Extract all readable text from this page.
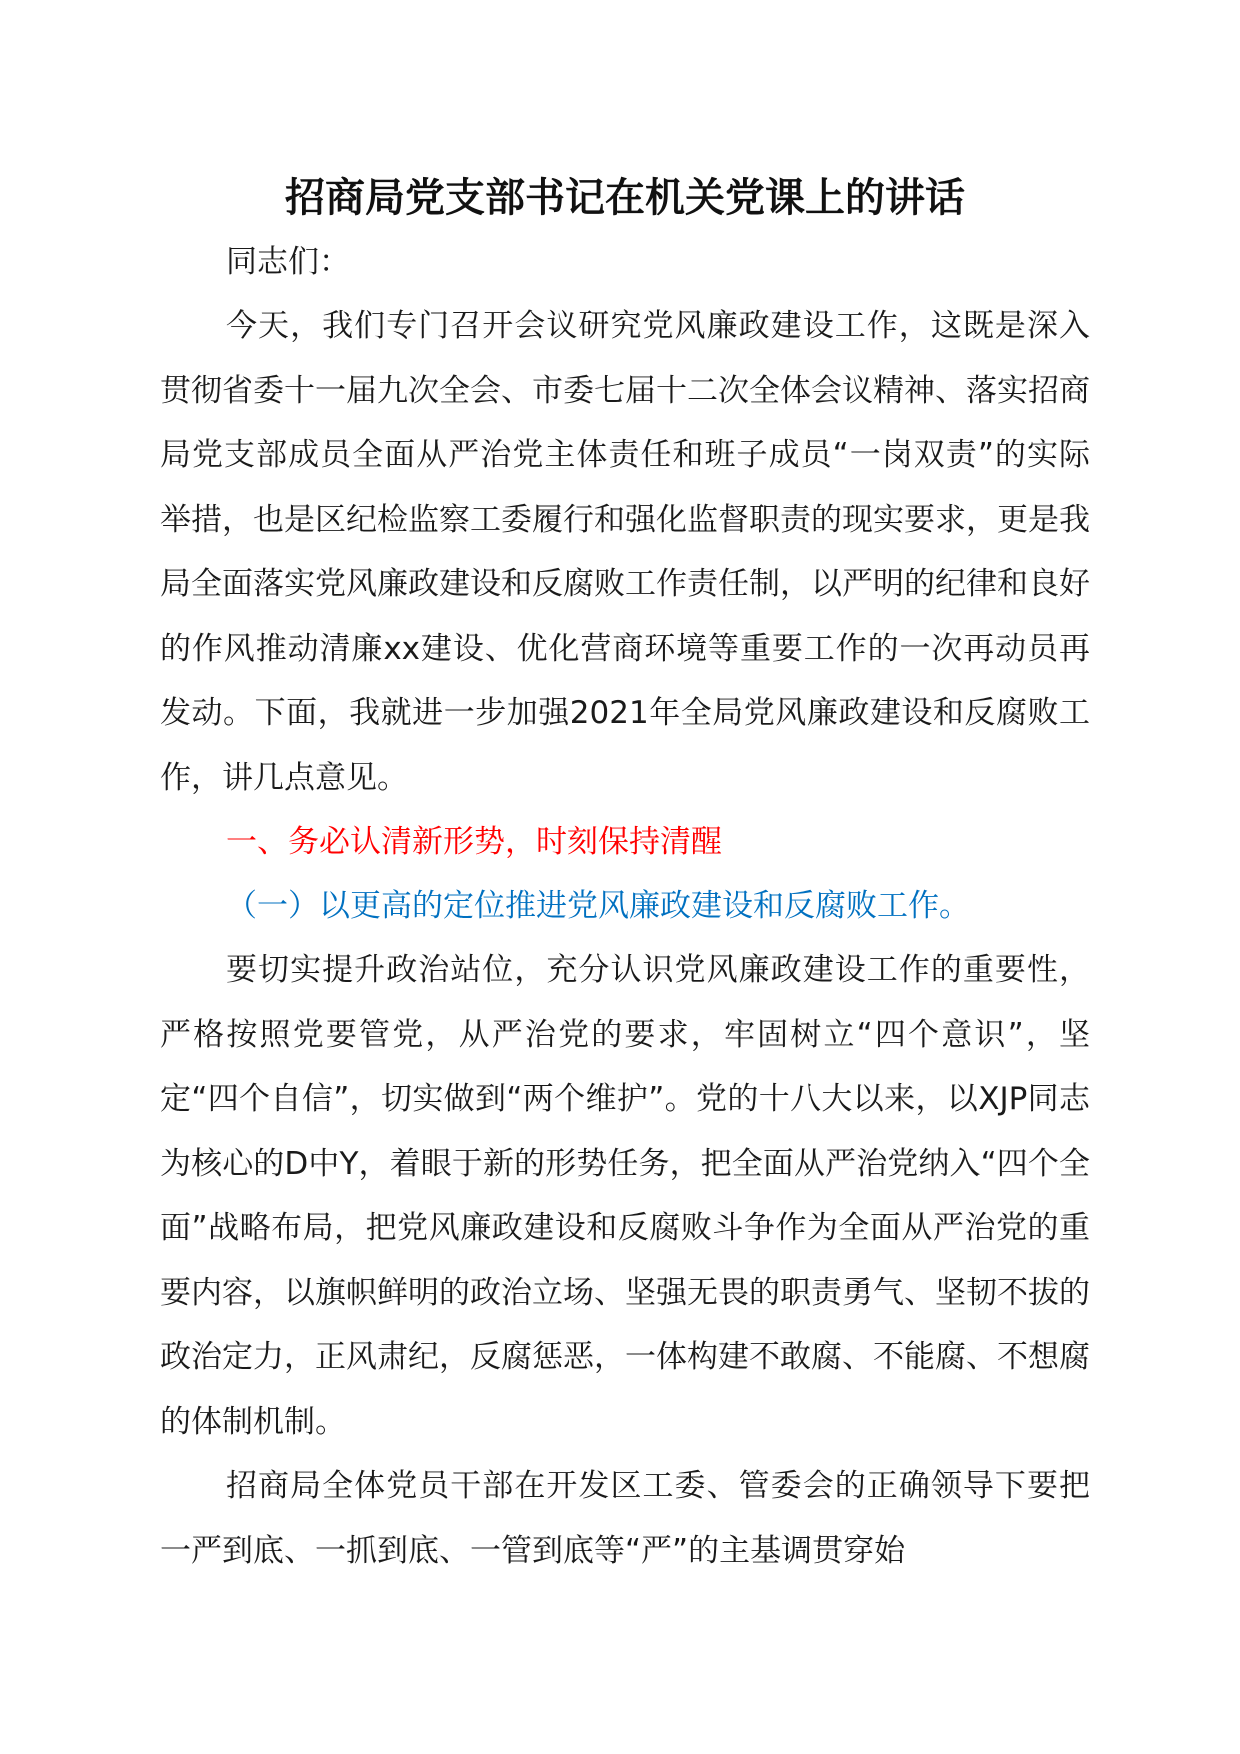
招商局党支部书记在机关党课上的讲话

同志们：

今天，我们专门召开会议研究党风廉政建设工作，这既是深入贯彻省委十一届九次全会、市委七届十二次全体会议精神、落实招商局党支部成员全面从严治党主体责任和班子成员“一岗双责”的实际举措，也是区纪检监察工委履行和强化监督职责的现实要求，更是我局全面落实党风廉政建设和反腐败工作责任制，以严明的纪律和良好的作风推动清廉xx建设、优化营商环境等重要工作的一次再动员再发动。下面，我就进一步加强2021年全局党风廉政建设和反腐败工作，讲几点意见。

一、务必认清新形势，时刻保持清醒

（一）以更高的定位推进党风廉政建设和反腐败工作。

要切实提升政治站位，充分认识党风廉政建设工作的重要性，严格按照党要管党，从严治党的要求，牢固树立“四个意识”，坚定“四个自信”，切实做到“两个维护”。党的十八大以来，以XJP同志为核心的D中Y，着眼于新的形势任务，把全面从严治党纳入“四个全面”战略布局，把党风廉政建设和反腐败斗争作为全面从严治党的重要内容，以旗帜鲜明的政治立场、坚强无畏的职责勇气、坚韧不拔的政治定力，正风肃纪，反腐惩恶，一体构建不敢腐、不能腐、不想腐的体制机制。

招商局全体党员干部在开发区工委、管委会的正确领导下要把一严到底、一抓到底、一管到底等“严”的主基调贯穿始
